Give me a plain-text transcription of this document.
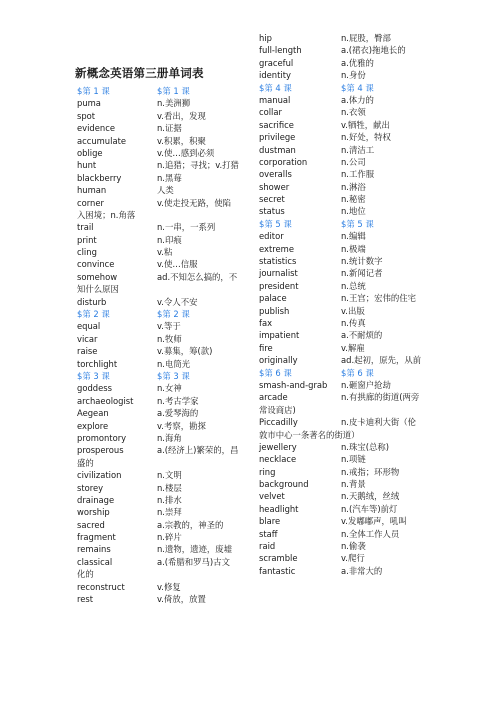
新概念英语第三册单词表
$第 1 课	$第 1 课
puma	n.美洲狮
spot	v.看出，发现
evidence	n.证据
accumulate	v.积累，积聚
oblige	v.使…感到必须
hunt	n.追猎；寻找；v.打猎
blackberry	n.黑莓
human	人类
corner	v.使走投无路，使陷
入困境；n.角落
trail	n.一串，一系列
print	n.印痕
cling	v.粘
convince	v.使…信服
somehow	ad.不知怎么搞的，不
知什么原因
disturb	v.令人不安
$第 2 课	$第 2 课
equal	v.等于
vicar	n.牧师
raise	v.募集，筹(款)
torchlight	n.电筒光
$第 3 课	$第 3 课
goddess	n.女神
archaeologist	n.考古学家
Aegean	a.爱琴海的
explore	v.考察，勘探
promontory	n.海角
prosperous	a.(经济上)繁荣的，昌
盛的
civilization	n.文明
storey	n.楼层
drainage	n.排水
worship	n.崇拜
sacred	a.宗教的，神圣的
fragment	n.碎片
remains	n.遗物，遗迹，废墟
classical	a.(希腊和罗马)古文
化的
reconstruct	v.修复
rest	v.倚放，放置
hip	n.屁股，臀部
full-length	a.(裙衣)拖地长的
graceful	a.优雅的
identity	n.身份
$第 4 课	$第 4 课
manual	a.体力的
collar	n.衣领
sacrifice	v.牺牲，献出
privilege	n.好处，特权
dustman	n.清洁工
corporation	n.公司
overalls	n.工作服
shower	n.淋浴
secret	n.秘密
status	n.地位
$第 5 课	$第 5 课
editor	n.编辑
extreme	n.极端
statistics	n.统计数字
journalist	n.新闻记者
president	n.总统
palace	n.王宫；宏伟的住宅
publish	v.出版
fax	n.传真
impatient	a.不耐烦的
fire	v.解雇
originally	ad.起初，原先，从前
$第 6 课	$第 6 课
smash-and-grab	n.砸窗户抢劫
arcade	n.有拱廊的街道(两旁
常设商店)
Piccadilly	n.皮卡迪利大街（伦
敦市中心一条著名的街道）
jewellery	n.珠宝(总称)
necklace	n.项链
ring	n.戒指；环形物
background	n.背景
velvet	n.天鹅绒，丝绒
headlight	n.(汽车等)前灯
blare	v.发嘟嘟声，吼叫
staff	n.全体工作人员
raid	n.偷袭
scramble	v.爬行
fantastic	a.非常大的
